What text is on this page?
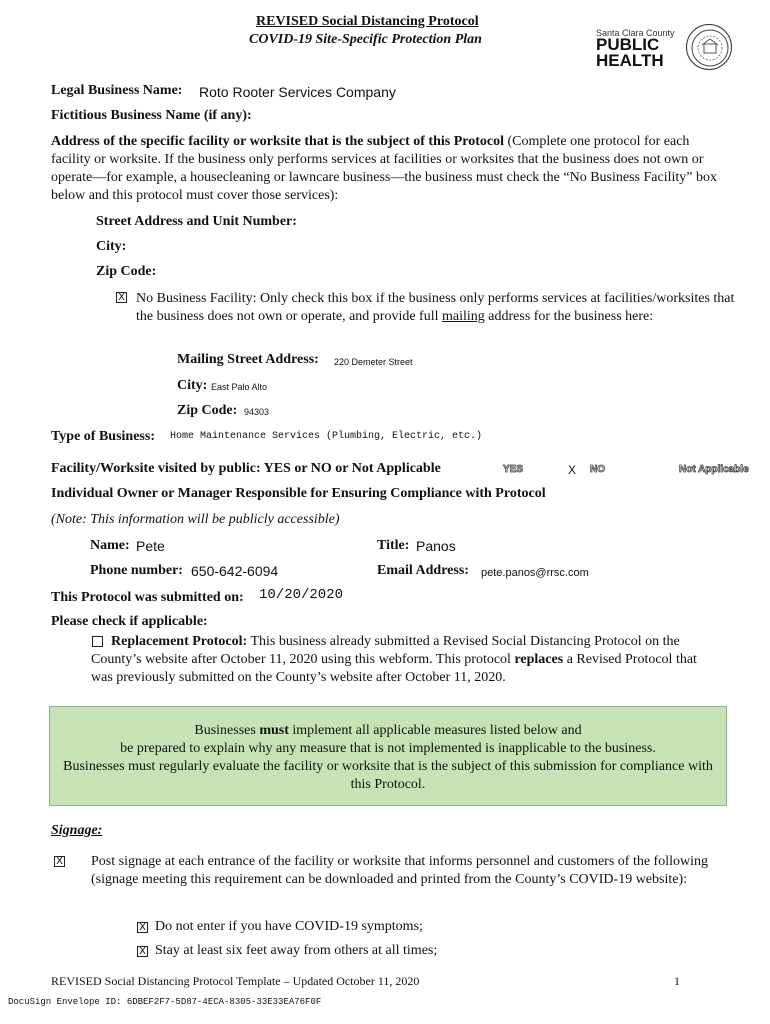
REVISED Social Distancing Protocol
COVID-19 Site-Specific Protection Plan	Santa Clara County
PUBLIC
HEALTH
Legal Business Name: Roto Rooter Services Company
Fictitious Business Name (if any):
Address of the specific facility or worksite that is the subject of this Protocol (Complete one protocol for each facility or worksite. If the business only performs services at facilities or worksites that the business does not own or operate—for example, a housecleaning or lawncare business—the business must check the “No Business Facility” box below and this protocol must cover those services):
Street Address and Unit Number:
City:
Zip Code:
X No Business Facility: Only check this box if the business only performs services at facilities/worksites that the business does not own or operate, and provide full mailing address for the business here:
Mailing Street Address: 220 Demeter Street
City: East Palo Alto
Zip Code: 94303
Type of Business: Home Maintenance Services (Plumbing, Electric, etc.)
Facility/Worksite visited by public: YES or NO or Not Applicable	YES	X NO	Not Applicable
Individual Owner or Manager Responsible for Ensuring Compliance with Protocol
(Note: This information will be publicly accessible)
Name: Pete	Title: Panos
Phone number: 650-642-6094	Email Address: pete.panos@rrsc.com
This Protocol was submitted on: 10/20/2020
Please check if applicable:
Replacement Protocol: This business already submitted a Revised Social Distancing Protocol on the County’s website after October 11, 2020 using this webform. This protocol replaces a Revised Protocol that was previously submitted on the County’s website after October 11, 2020.
Businesses must implement all applicable measures listed below and
be prepared to explain why any measure that is not implemented is inapplicable to the business.
Businesses must regularly evaluate the facility or worksite that is the subject of this submission for compliance with this Protocol.
Signage:
X Post signage at each entrance of the facility or worksite that informs personnel and customers of the following (signage meeting this requirement can be downloaded and printed from the County’s COVID-19 website):
X Do not enter if you have COVID-19 symptoms;
X Stay at least six feet away from others at all times;
REVISED Social Distancing Protocol Template – Updated October 11, 2020	1
DocuSign Envelope ID: 6DBEF2F7-5D87-4ECA-8305-33E33EA76F0F
